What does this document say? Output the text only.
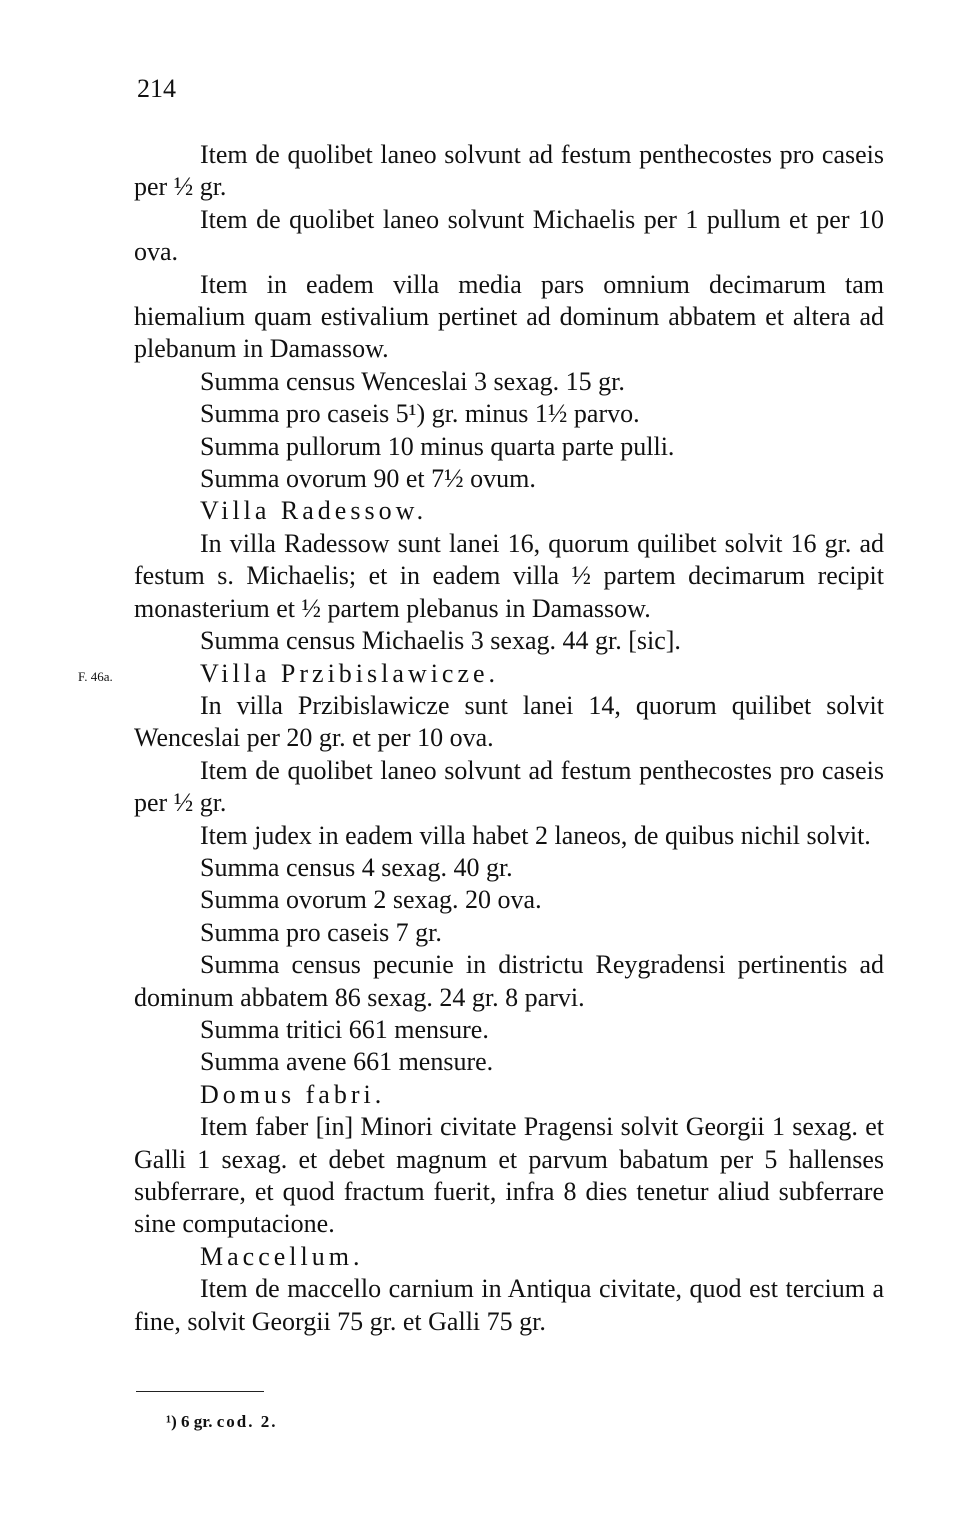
214
F. 46a.

Item de quolibet laneo solvunt ad festum penthecostes pro caseis per ½ gr.

Item de quolibet laneo solvunt Michaelis per 1 pullum et per 10 ova.

Item in eadem villa media pars omnium decimarum tam hiemalium quam estivalium pertinet ad dominum abbatem et altera ad plebanum in Damassow.

Summa census Wenceslai 3 sexag. 15 gr.

Summa pro caseis 5¹) gr. minus 1½ parvo.

Summa pullorum 10 minus quarta parte pulli.

Summa ovorum 90 et 7½ ovum.

Villa Radessow.

In villa Radessow sunt lanei 16, quorum quilibet solvit 16 gr. ad festum s. Michaelis; et in eadem villa ½ partem decimarum recipit monasterium et ½ partem plebanus in Damassow.

Summa census Michaelis 3 sexag. 44 gr. [sic].

Villa Przibislawicze.

In villa Przibislawicze sunt lanei 14, quorum quilibet solvit Wenceslai per 20 gr. et per 10 ova.

Item de quolibet laneo solvunt ad festum penthecostes pro caseis per ½ gr.

Item judex in eadem villa habet 2 laneos, de quibus nichil solvit.

Summa census 4 sexag. 40 gr.

Summa ovorum 2 sexag. 20 ova.

Summa pro caseis 7 gr.

Summa census pecunie in districtu Reygradensi pertinentis ad dominum abbatem 86 sexag. 24 gr. 8 parvi.

Summa tritici 661 mensure.

Summa avene 661 mensure.

Domus fabri.

Item faber [in] Minori civitate Pragensi solvit Georgii 1 sexag. et Galli 1 sexag. et debet magnum et parvum babatum per 5 hallenses subferrare, et quod fractum fuerit, infra 8 dies tenetur aliud subferrare sine computacione.

Maccellum.

Item de maccello carnium in Antiqua civitate, quod est tercium a fine, solvit Georgii 75 gr. et Galli 75 gr.

¹) 6 gr. cod. 2.
